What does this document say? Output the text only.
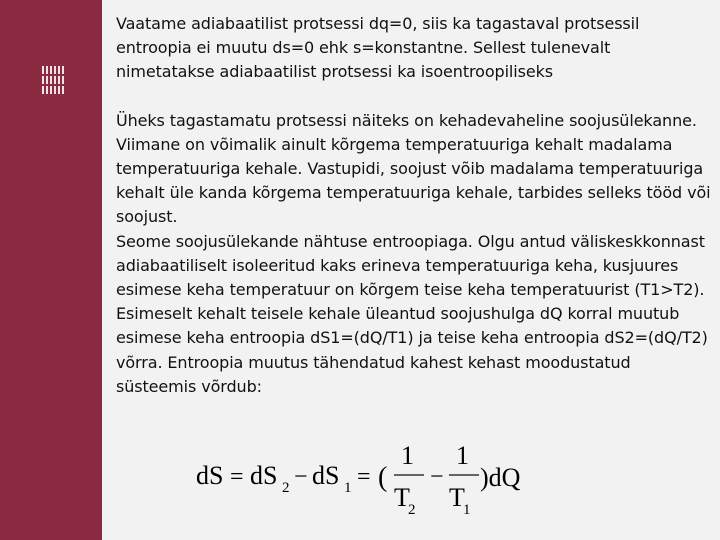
Vaatame adiabaatilist protsessi dq=0, siis ka tagastaval protsessil entroopia ei muutu ds=0 ehk s=konstantne. Sellest tulenevalt nimetatakse adiabaatilist protsessi ka isoentroopiliseks

Üheks tagastamatu protsessi näiteks on kehadevaheline soojusülekanne. Viimane on võimalik ainult kõrgema temperatuuriga kehalt madalama temperatuuriga kehale. Vastupidi, soojust võib madalama temperatuuriga kehalt üle kanda kõrgema temperatuuriga kehale, tarbides selleks tööd või soojust.

Seome soojusülekande nähtuse entroopiaga. Olgu antud väliskeskkonnast adiabaatiliselt isoleeritud kaks erineva temperatuuriga keha, kusjuures esimese keha temperatuur on kõrgem teise keha temperatuurist (T1>T2). Esimeselt kehalt teisele kehale üleantud soojushulga dQ korral muutub esimese keha entroopia dS1=(dQ/T1) ja teise keha entroopia dS2=(dQ/T2) võrra. Entroopia muutus tähendatud kahest kehast moodustatud süsteemis võrdub:

dS = dS 2 − dS 1 = (
1
T
2
−
1
T
1
)dQ
